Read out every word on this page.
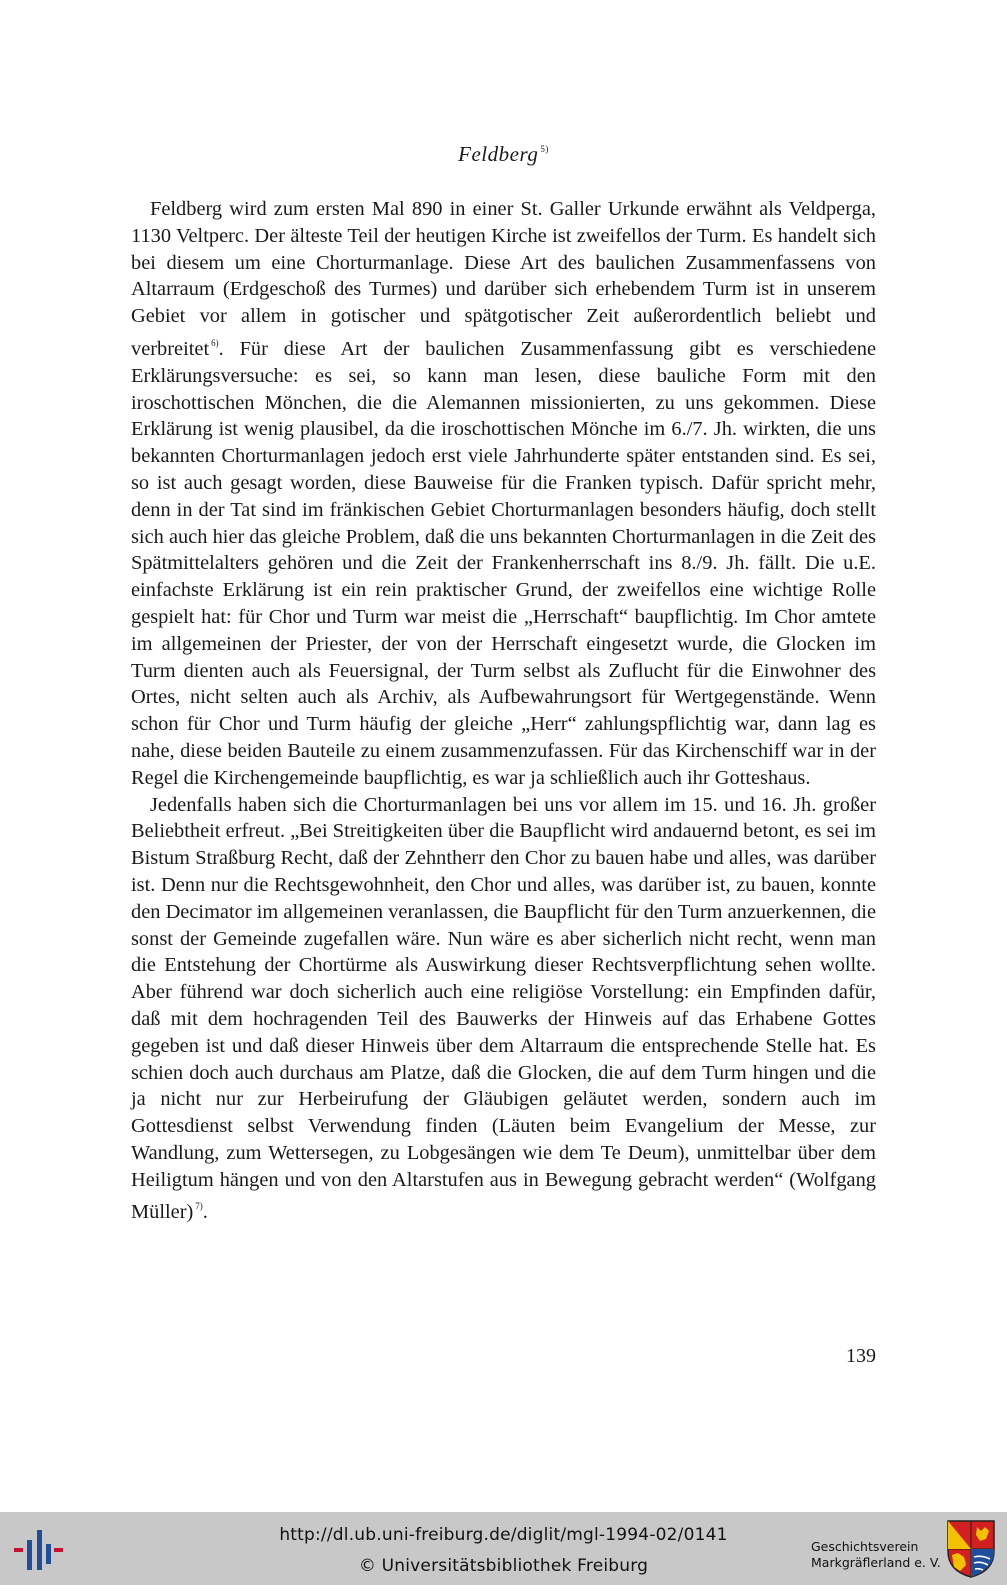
Feldberg $^{5)}$

Feldberg wird zum ersten Mal 890 in einer St. Galler Urkunde erwähnt als Veldperga, 1130 Veltperc. Der älteste Teil der heutigen Kirche ist zweifellos der Turm. Es handelt sich bei diesem um eine Chorturmanlage. Diese Art des baulichen Zusammenfassens von Altarraum (Erdgeschoß des Turmes) und darüber sich erhebendem Turm ist in unserem Gebiet vor allem in gotischer und spätgotischer Zeit außerordentlich beliebt und verbreitet $^{6)}$. Für diese Art der baulichen Zusammenfassung gibt es verschiedene Erklärungsversuche: es sei, so kann man lesen, diese bauliche Form mit den iroschottischen Mönchen, die die Alemannen missionierten, zu uns gekommen. Diese Erklärung ist wenig plausibel, da die iroschottischen Mönche im 6./7. Jh. wirkten, die uns bekannten Chorturmanlagen jedoch erst viele Jahrhunderte später entstanden sind. Es sei, so ist auch gesagt worden, diese Bauweise für die Franken typisch. Dafür spricht mehr, denn in der Tat sind im fränkischen Gebiet Chorturmanlagen besonders häufig, doch stellt sich auch hier das gleiche Problem, daß die uns bekannten Chorturmanlagen in die Zeit des Spätmittelalters gehören und die Zeit der Frankenherrschaft ins 8./9. Jh. fällt. Die u.E. einfachste Erklärung ist ein rein praktischer Grund, der zweifellos eine wichtige Rolle gespielt hat: für Chor und Turm war meist die „Herrschaft“ baupflichtig. Im Chor amtete im allgemeinen der Priester, der von der Herrschaft eingesetzt wurde, die Glocken im Turm dienten auch als Feuersignal, der Turm selbst als Zuflucht für die Einwohner des Ortes, nicht selten auch als Archiv, als Aufbewahrungsort für Wertgegenstände. Wenn schon für Chor und Turm häufig der gleiche „Herr“ zahlungspflichtig war, dann lag es nahe, diese beiden Bauteile zu einem zusammenzufassen. Für das Kirchenschiff war in der Regel die Kirchengemeinde baupflichtig, es war ja schließlich auch ihr Gotteshaus.

Jedenfalls haben sich die Chorturmanlagen bei uns vor allem im 15. und 16. Jh. großer Beliebtheit erfreut. „Bei Streitigkeiten über die Baupflicht wird andauernd betont, es sei im Bistum Straßburg Recht, daß der Zehntherr den Chor zu bauen habe und alles, was darüber ist. Denn nur die Rechtsgewohnheit, den Chor und alles, was darüber ist, zu bauen, konnte den Decimator im allgemeinen veranlassen, die Baupflicht für den Turm anzuerkennen, die sonst der Gemeinde zugefallen wäre. Nun wäre es aber sicherlich nicht recht, wenn man die Entstehung der Chortürme als Auswirkung dieser Rechtsverpflichtung sehen wollte. Aber führend war doch sicherlich auch eine religiöse Vorstellung: ein Empfinden dafür, daß mit dem hochragenden Teil des Bauwerks der Hinweis auf das Erhabene Gottes gegeben ist und daß dieser Hinweis über dem Altarraum die entsprechende Stelle hat. Es schien doch auch durchaus am Platze, daß die Glocken, die auf dem Turm hingen und die ja nicht nur zur Herbeirufung der Gläubigen geläutet werden, sondern auch im Gottesdienst selbst Verwendung finden (Läuten beim Evangelium der Messe, zur Wandlung, zum Wettersegen, zu Lobgesängen wie dem Te Deum), unmittelbar über dem Heiligtum hängen und von den Altarstufen aus in Bewegung gebracht werden“ (Wolfgang Müller) $^{7)}$.

139
http://dl.ub.uni-freiburg.de/diglit/mgl-1994-02/0141
© Universitätsbibliothek Freiburg
Geschichtsverein
Markgräflerland e. V.
